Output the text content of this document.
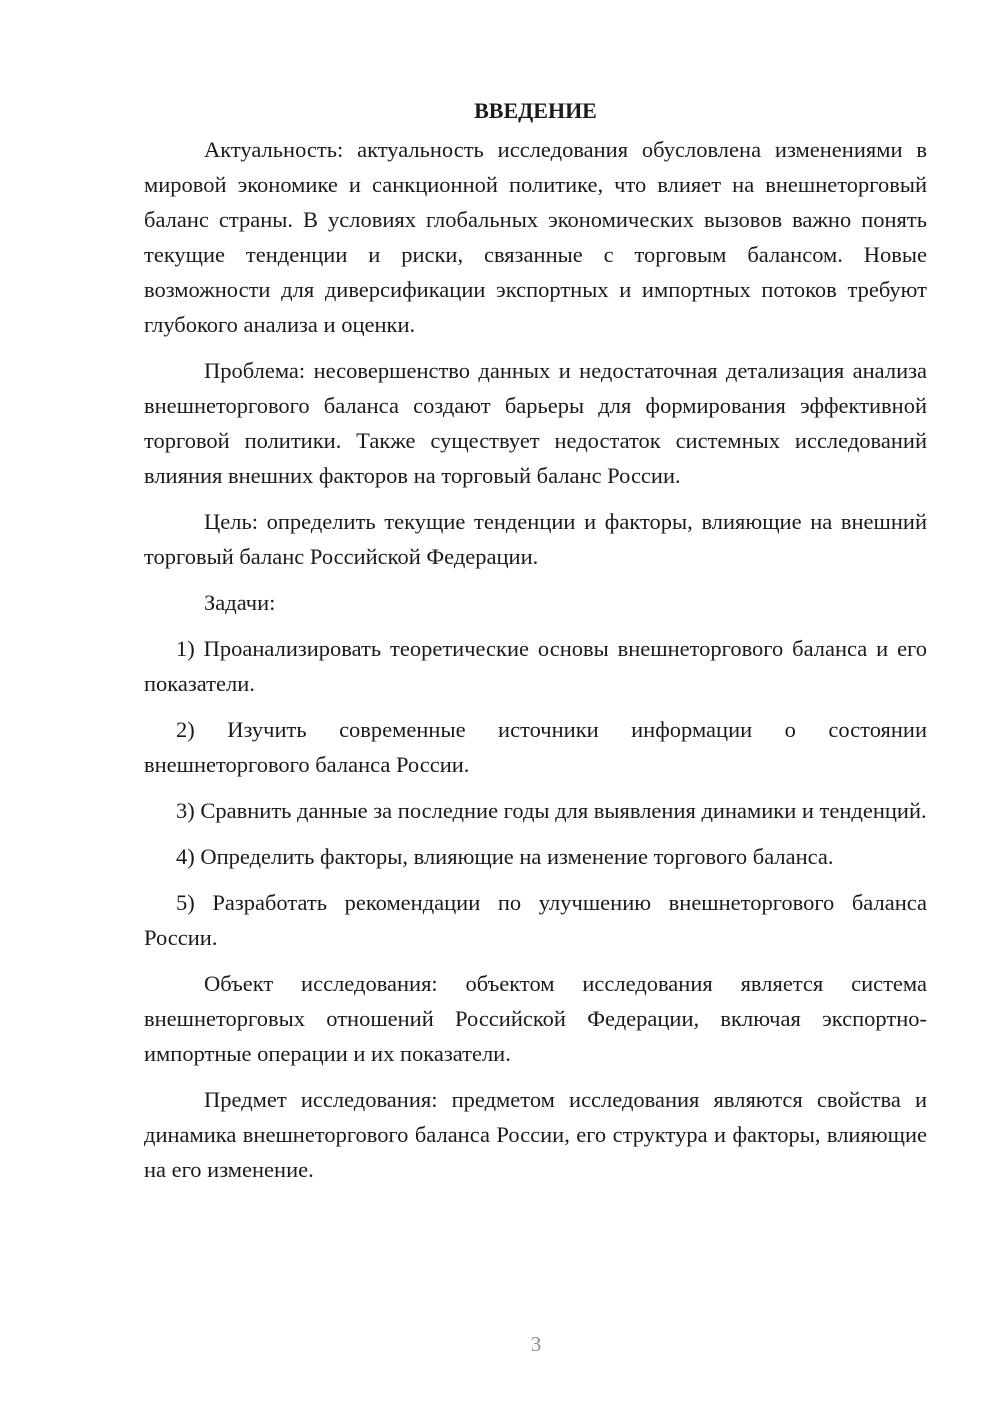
ВВЕДЕНИЕ

Актуальность: актуальность исследования обусловлена изменениями в мировой экономике и санкционной политике, что влияет на внешнеторговый баланс страны. В условиях глобальных экономических вызовов важно понять текущие тенденции и риски, связанные с торговым балансом. Новые возможности для диверсификации экспортных и импортных потоков требуют глубокого анализа и оценки.

Проблема: несовершенство данных и недостаточная детализация анализа внешнеторгового баланса создают барьеры для формирования эффективной торговой политики. Также существует недостаток системных исследований влияния внешних факторов на торговый баланс России.

Цель: определить текущие тенденции и факторы, влияющие на внешний торговый баланс Российской Федерации.

Задачи:

1) Проанализировать теоретические основы внешнеторгового баланса и его показатели.

2) Изучить современные источники информации о состоянии внешнеторгового баланса России.

3) Сравнить данные за последние годы для выявления динамики и тенденций.

4) Определить факторы, влияющие на изменение торгового баланса.

5) Разработать рекомендации по улучшению внешнеторгового баланса России.

Объект исследования: объектом исследования является система внешнеторговых отношений Российской Федерации, включая экспортно-импортные операции и их показатели.

Предмет исследования: предметом исследования являются свойства и динамика внешнеторгового баланса России, его структура и факторы, влияющие на его изменение.

3
